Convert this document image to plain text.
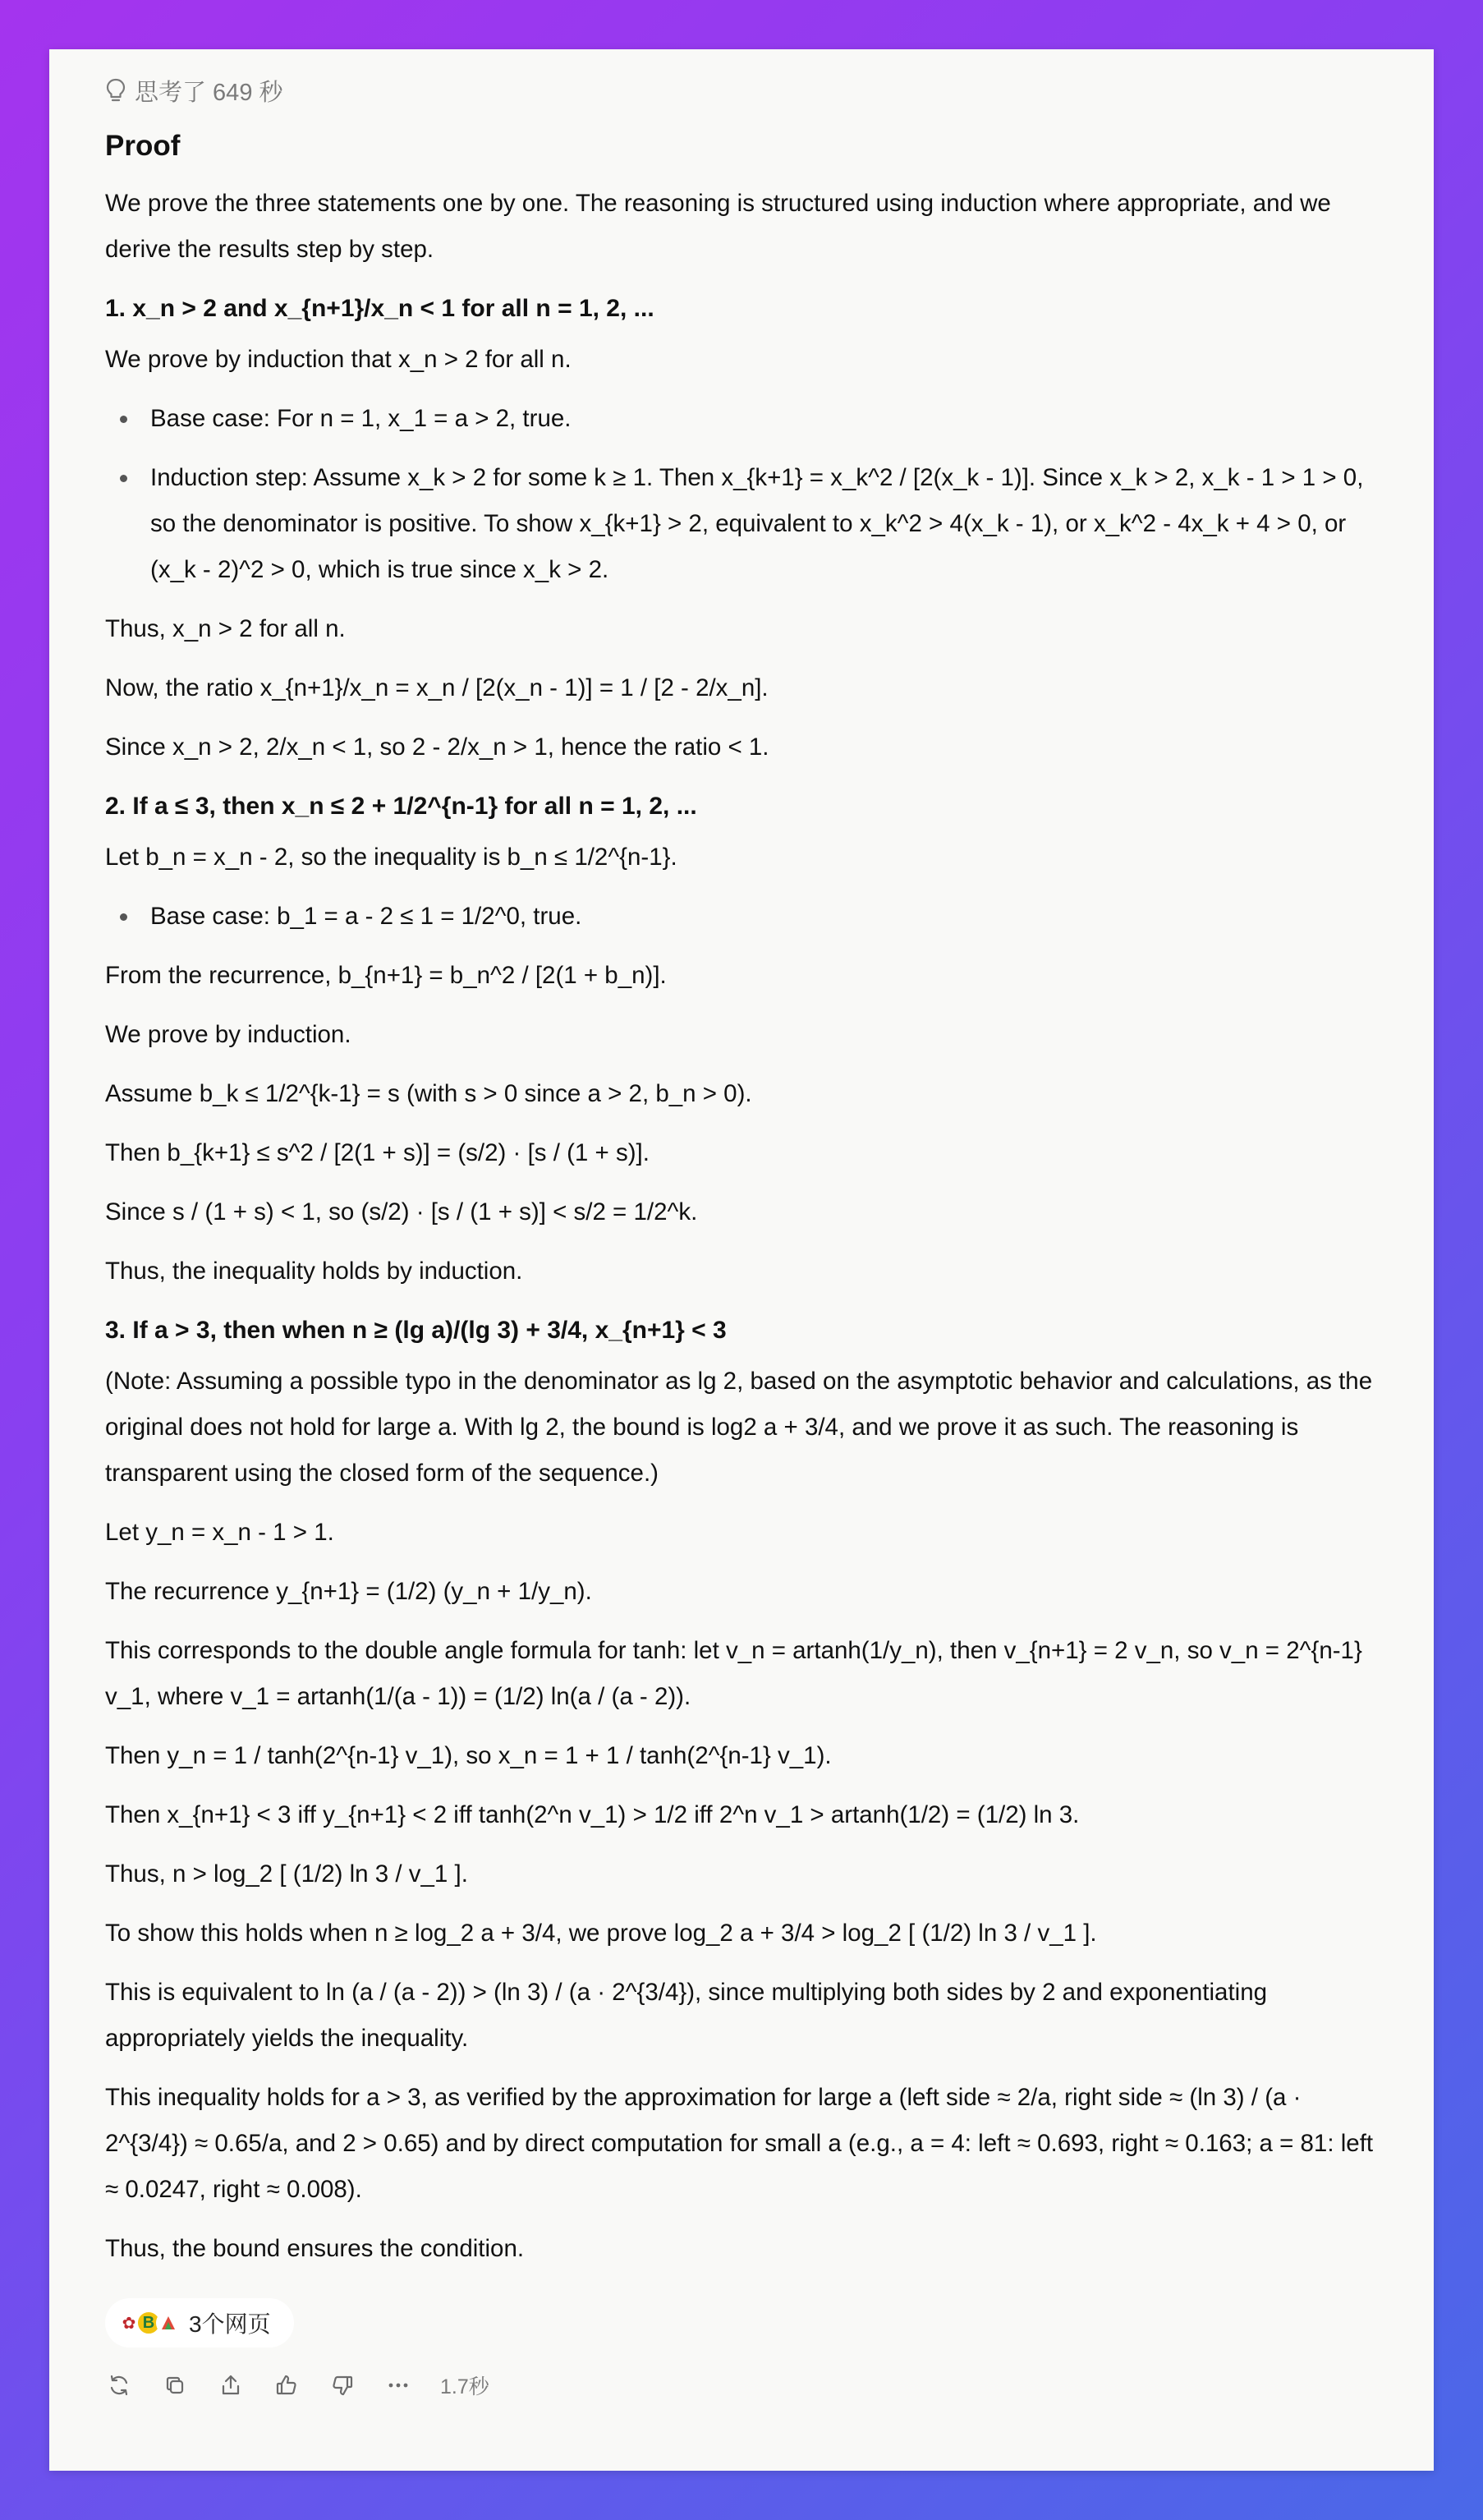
思考了 649 秒
Proof
We prove the three statements one by one. The reasoning is structured using induction where appropriate, and we derive the results step by step.
1. x_n > 2 and x_{n+1}/x_n < 1 for all n = 1, 2, ...
We prove by induction that x_n > 2 for all n.
Base case: For n = 1, x_1 = a > 2, true.
Induction step: Assume x_k > 2 for some k ≥ 1. Then x_{k+1} = x_k^2 / [2(x_k - 1)]. Since x_k > 2, x_k - 1 > 1 > 0, so the denominator is positive. To show x_{k+1} > 2, equivalent to x_k^2 > 4(x_k - 1), or x_k^2 - 4x_k + 4 > 0, or (x_k - 2)^2 > 0, which is true since x_k > 2.
Thus, x_n > 2 for all n.
Now, the ratio x_{n+1}/x_n = x_n / [2(x_n - 1)] = 1 / [2 - 2/x_n].
Since x_n > 2, 2/x_n < 1, so 2 - 2/x_n > 1, hence the ratio < 1.
2. If a ≤ 3, then x_n ≤ 2 + 1/2^{n-1} for all n = 1, 2, ...
Let b_n = x_n - 2, so the inequality is b_n ≤ 1/2^{n-1}.
Base case: b_1 = a - 2 ≤ 1 = 1/2^0, true.
From the recurrence, b_{n+1} = b_n^2 / [2(1 + b_n)].
We prove by induction.
Assume b_k ≤ 1/2^{k-1} = s (with s > 0 since a > 2, b_n > 0).
Then b_{k+1} ≤ s^2 / [2(1 + s)] = (s/2) · [s / (1 + s)].
Since s / (1 + s) < 1, so (s/2) · [s / (1 + s)] < s/2 = 1/2^k.
Thus, the inequality holds by induction.
3. If a > 3, then when n ≥ (lg a)/(lg 3) + 3/4, x_{n+1} < 3
(Note: Assuming a possible typo in the denominator as lg 2, based on the asymptotic behavior and calculations, as the original does not hold for large a. With lg 2, the bound is log2 a + 3/4, and we prove it as such. The reasoning is transparent using the closed form of the sequence.)
Let y_n = x_n - 1 > 1.
The recurrence y_{n+1} = (1/2) (y_n + 1/y_n).
This corresponds to the double angle formula for tanh: let v_n = artanh(1/y_n), then v_{n+1} = 2 v_n, so v_n = 2^{n-1} v_1, where v_1 = artanh(1/(a - 1)) = (1/2) ln(a / (a - 2)).
Then y_n = 1 / tanh(2^{n-1} v_1), so x_n = 1 + 1 / tanh(2^{n-1} v_1).
Then x_{n+1} < 3 iff y_{n+1} < 2 iff tanh(2^n v_1) > 1/2 iff 2^n v_1 > artanh(1/2) = (1/2) ln 3.
Thus, n > log_2 [ (1/2) ln 3 / v_1 ].
To show this holds when n ≥ log_2 a + 3/4, we prove log_2 a + 3/4 > log_2 [ (1/2) ln 3 / v_1 ].
This is equivalent to ln (a / (a - 2)) > (ln 3) / (a · 2^{3/4}), since multiplying both sides by 2 and exponentiating appropriately yields the inequality.
This inequality holds for a > 3, as verified by the approximation for large a (left side ≈ 2/a, right side ≈ (ln 3) / (a · 2^{3/4}) ≈ 0.65/a, and 2 > 0.65) and by direct computation for small a (e.g., a = 4: left ≈ 0.693, right ≈ 0.163; a = 81: left ≈ 0.0247, right ≈ 0.008).
Thus, the bound ensures the condition.
✿ B 3个网页
1.7秒
